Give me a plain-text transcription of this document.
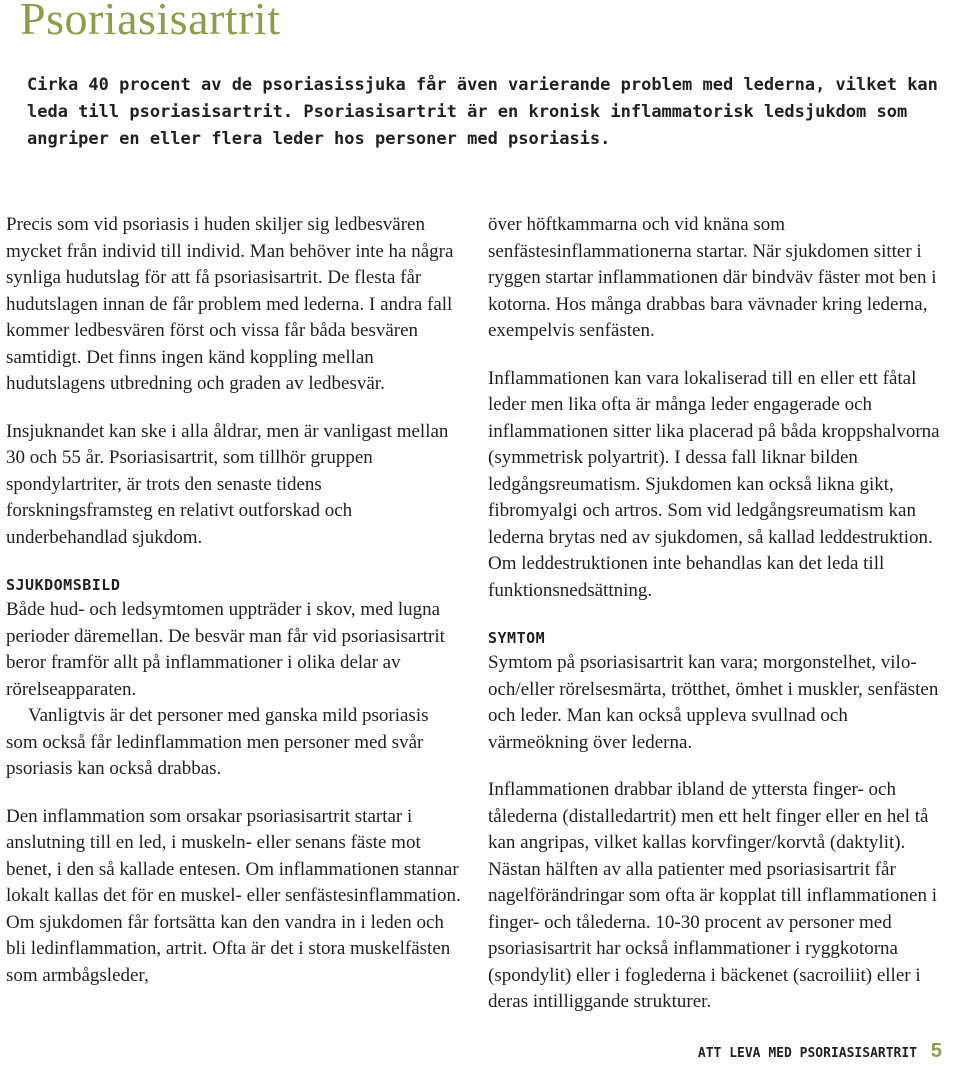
Psoriasisartrit

Cirka 40 procent av de psoriasissjuka får även varierande problem med lederna, vilket kan leda till psoriasisartrit. Psoriasisartrit är en kronisk inflammatorisk ledsjukdom som angriper en eller flera leder hos personer med psoriasis.

Precis som vid psoriasis i huden skiljer sig ledbesvären mycket från individ till individ. Man behöver inte ha några synliga hudutslag för att få psoriasisartrit. De flesta får hudutslagen innan de får problem med lederna. I andra fall kommer ledbesvären först och vissa får båda besvären samtidigt. Det finns ingen känd koppling mellan hudutslagens utbredning och graden av ledbesvär.

Insjuknandet kan ske i alla åldrar, men är vanligast mellan 30 och 55 år. Psoriasisartrit, som tillhör gruppen spondylartriter, är trots den senaste tidens forskningsframsteg en relativt outforskad och underbehandlad sjukdom.

SJUKDOMSBILD

Både hud- och ledsymtomen uppträder i skov, med lugna perioder däremellan. De besvär man får vid psoriasisartrit beror framför allt på inflammationer i olika delar av rörelseapparaten.

Vanligtvis är det personer med ganska mild psoriasis som också får ledinflammation men personer med svår psoriasis kan också drabbas.

Den inflammation som orsakar psoriasisartrit startar i anslutning till en led, i muskeln- eller senans fäste mot benet, i den så kallade entesen. Om inflammationen stannar lokalt kallas det för en muskel- eller senfästesinflammation. Om sjukdomen får fortsätta kan den vandra in i leden och bli ledinflammation, artrit. Ofta är det i stora muskelfästen som armbågsleder,

över höftkammarna och vid knäna som senfästesinflammationerna startar. När sjukdomen sitter i ryggen startar inflammationen där bindväv fäster mot ben i kotorna. Hos många drabbas bara vävnader kring lederna, exempelvis senfästen.

Inflammationen kan vara lokaliserad till en eller ett fåtal leder men lika ofta är många leder engagerade och inflammationen sitter lika placerad på båda kroppshalvorna (symmetrisk polyartrit). I dessa fall liknar bilden ledgångsreumatism. Sjukdomen kan också likna gikt, fibromyalgi och artros. Som vid ledgångsreumatism kan lederna brytas ned av sjukdomen, så kallad leddestruktion. Om leddestruktionen inte behandlas kan det leda till funktionsnedsättning.

SYMTOM

Symtom på psoriasisartrit kan vara; morgonstelhet, vilo- och/eller rörelsesmärta, trötthet, ömhet i muskler, senfästen och leder. Man kan också uppleva svullnad och värmeökning över lederna.

Inflammationen drabbar ibland de yttersta finger- och tålederna (distalledartrit) men ett helt finger eller en hel tå kan angripas, vilket kallas korvfinger/korvtå (daktylit). Nästan hälften av alla patienter med psoriasisartrit får nagelförändringar som ofta är kopplat till inflammationen i finger- och tålederna. 10-30 procent av personer med psoriasisartrit har också inflammationer i ryggkotorna (spondylit) eller i foglederna i bäckenet (sacroiliit) eller i deras intilliggande strukturer.

ATT LEVA MED PSORIASISARTRIT 5
